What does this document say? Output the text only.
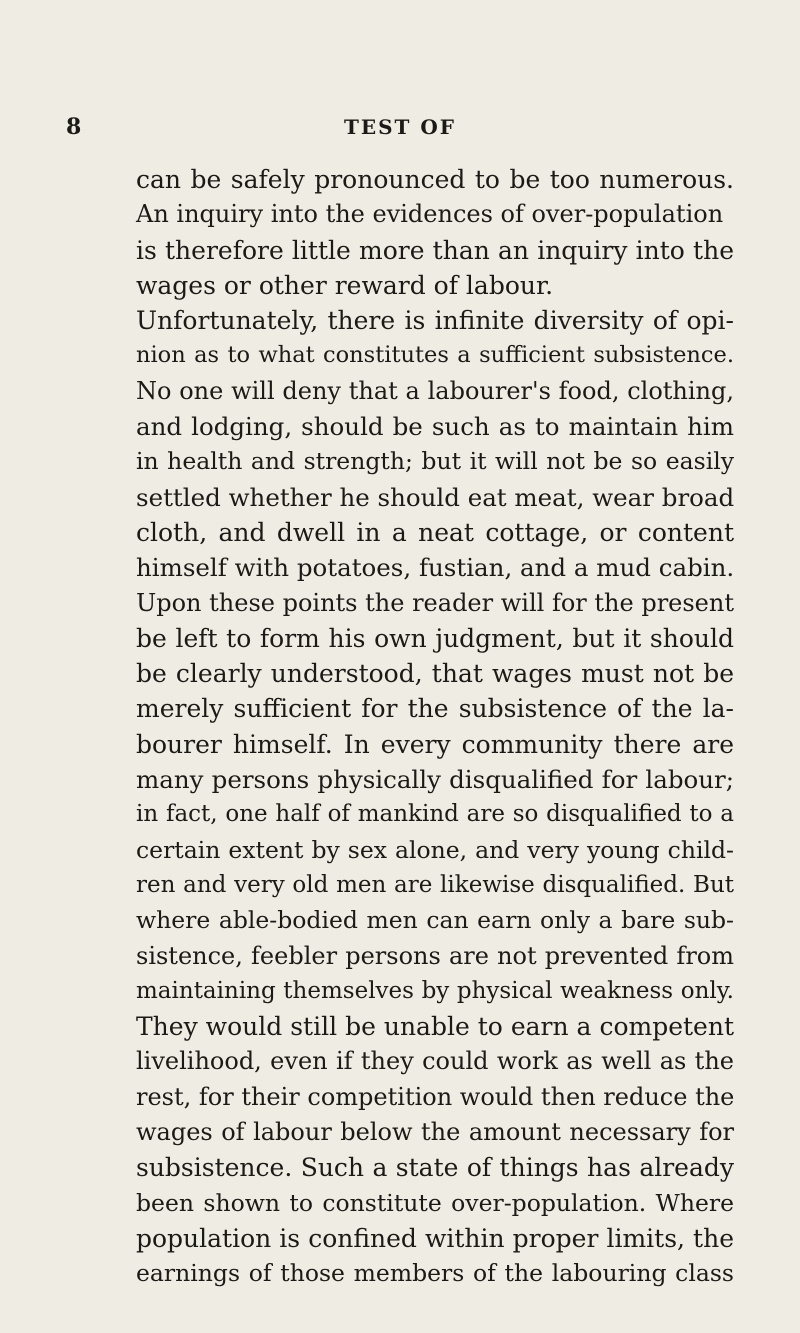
8	TEST OF
can be safely pronounced to be too numerous.
An inquiry into the evidences of over-population
is therefore little more than an inquiry into the
wages or other reward of labour.
Unfortunately, there is infinite diversity of opi-
nion as to what constitutes a sufficient subsistence.
No one will deny that a labourer's food, clothing,
and lodging, should be such as to maintain him
in health and strength; but it will not be so easily
settled whether he should eat meat, wear broad
cloth, and dwell in a neat cottage, or content
himself with potatoes, fustian, and a mud cabin.
Upon these points the reader will for the present
be left to form his own judgment, but it should
be clearly understood, that wages must not be
merely sufficient for the subsistence of the la-
bourer himself. In every community there are
many persons physically disqualified for labour;
in fact, one half of mankind are so disqualified to a
certain extent by sex alone, and very young child-
ren and very old men are likewise disqualified. But
where able-bodied men can earn only a bare sub-
sistence, feebler persons are not prevented from
maintaining themselves by physical weakness only.
They would still be unable to earn a competent
livelihood, even if they could work as well as the
rest, for their competition would then reduce the
wages of labour below the amount necessary for
subsistence. Such a state of things has already
been shown to constitute over-population. Where
population is confined within proper limits, the
earnings of those members of the labouring class
